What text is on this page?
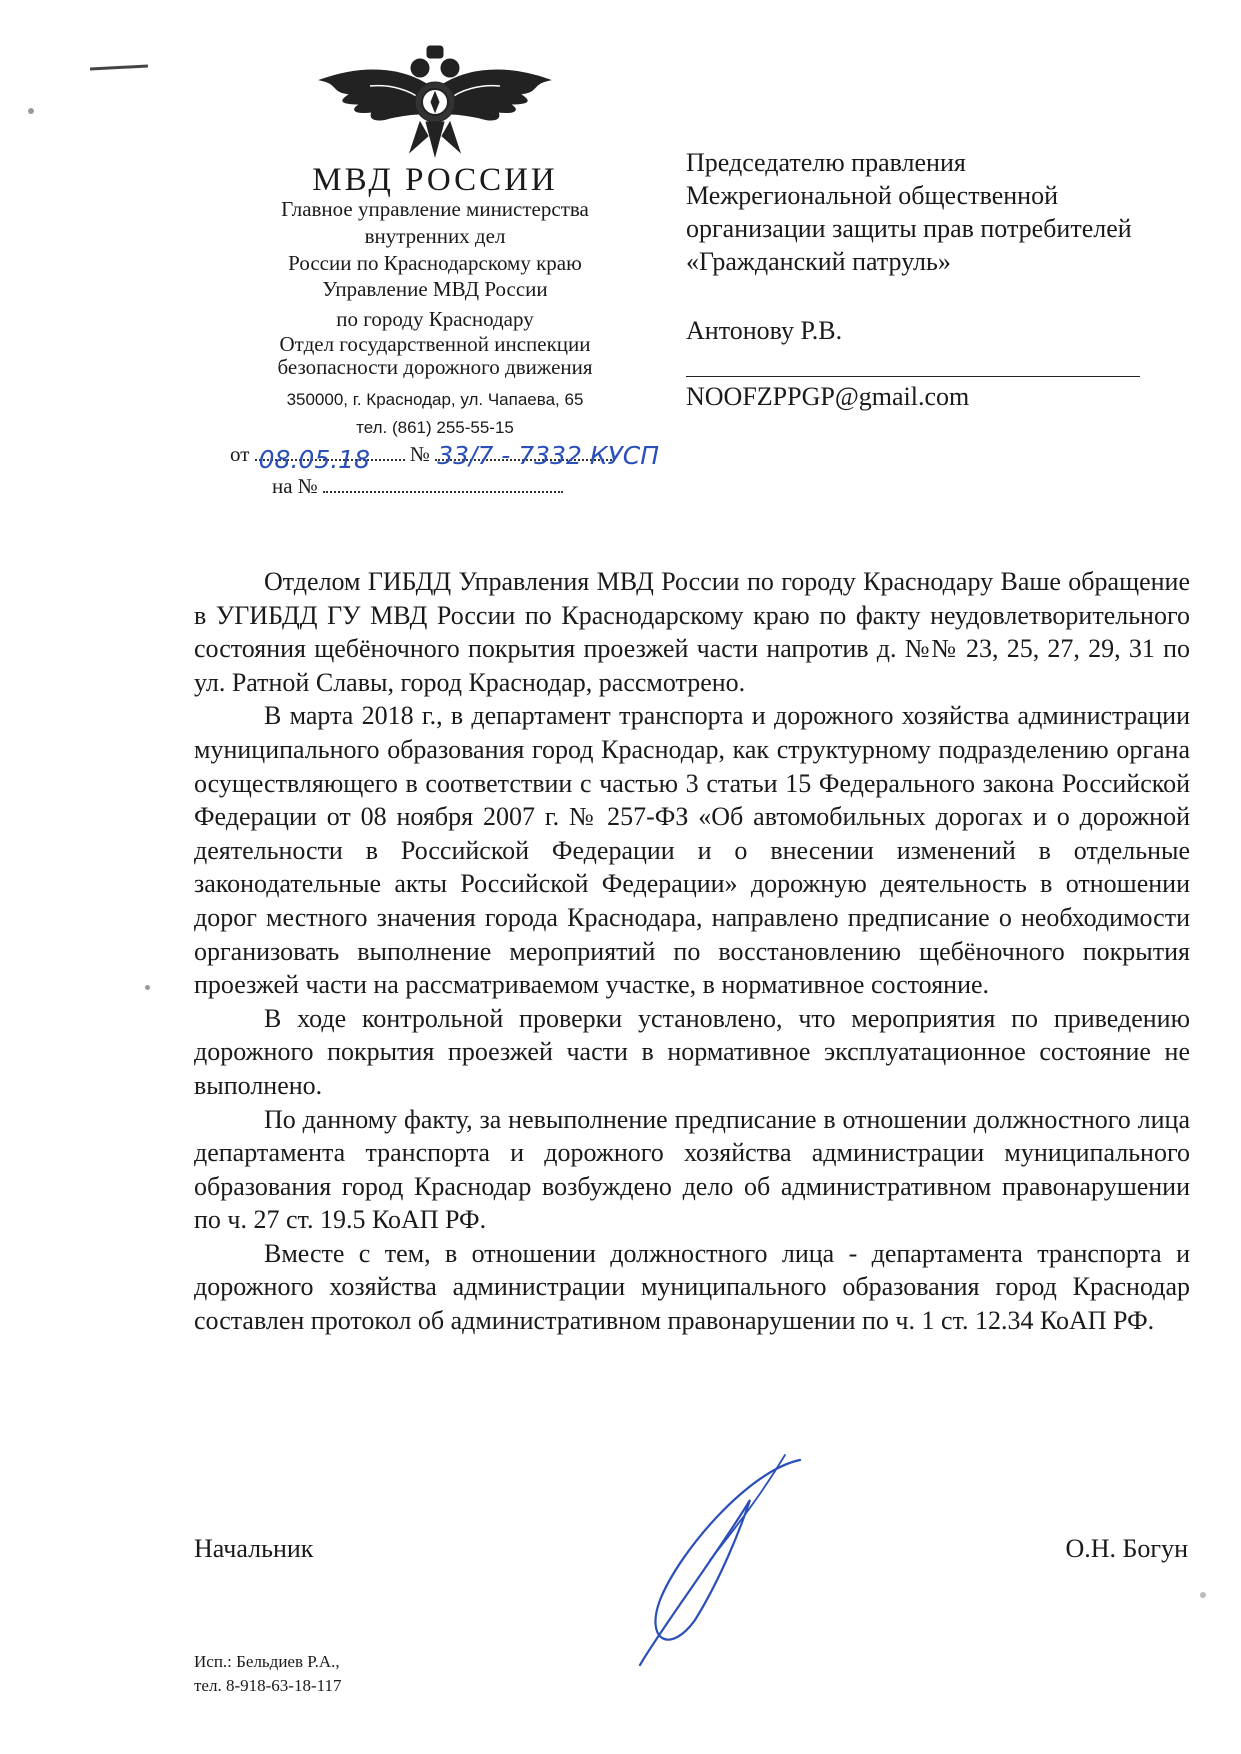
МВД РОССИИ
Главное управление министерства
внутренних дел
России по Краснодарскому краю
Управление МВД России
по городу Краснодару
Отдел государственной инспекции
безопасности дорожного движения
350000, г. Краснодар, ул. Чапаева, 65
тел. (861) 255-55-15
от 08.05.18 № 33/7 - 7332 КУСП
на №
Председателю правления
Межрегиональной общественной
организации защиты прав потребителей
«Гражданский патруль»
Антонову Р.В.
NOOFZPPGP@gmail.com

Отделом ГИБДД Управления МВД России по городу Краснодару Ваше обращение в УГИБДД ГУ МВД России по Краснодарскому краю по факту неудовлетворительного состояния щебёночного покрытия проезжей части напротив д. №№ 23, 25, 27, 29, 31 по ул. Ратной Славы, город Краснодар, рассмотрено.

В марта 2018 г., в департамент транспорта и дорожного хозяйства администрации муниципального образования город Краснодар, как структурному подразделению органа осуществляющего в соответствии с частью 3 статьи 15 Федерального закона Российской Федерации от 08 ноября 2007 г. № 257-ФЗ «Об автомобильных дорогах и о дорожной деятельности в Российской Федерации и о внесении изменений в отдельные законодательные акты Российской Федерации» дорожную деятельность в отношении дорог местного значения города Краснодара, направлено предписание о необходимости организовать выполнение мероприятий по восстановлению щебёночного покрытия проезжей части на рассматриваемом участке, в нормативное состояние.

В ходе контрольной проверки установлено, что мероприятия по приведению дорожного покрытия проезжей части в нормативное эксплуатационное состояние не выполнено.

По данному факту, за невыполнение предписание в отношении должностного лица департамента транспорта и дорожного хозяйства администрации муниципального образования город Краснодар возбуждено дело об административном правонарушении по ч. 27 ст. 19.5 КоАП РФ.

Вместе с тем, в отношении должностного лица - департамента транспорта и дорожного хозяйства администрации муниципального образования город Краснодар составлен протокол об административном правонарушении по ч. 1 ст. 12.34 КоАП РФ.

Начальник	О.Н. Богун
Исп.: Бельдиев Р.А.,
тел. 8-918-63-18-117
